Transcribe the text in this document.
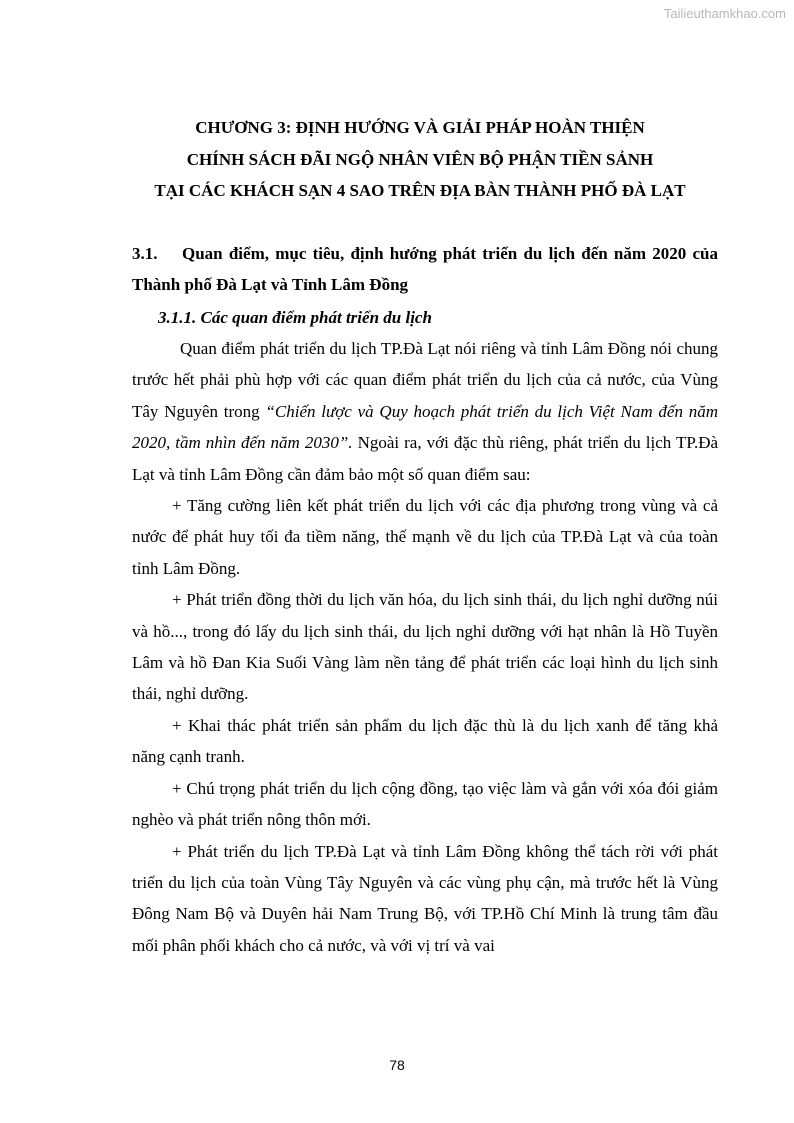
Tailieuthamkhao.com
CHƯƠNG 3: ĐỊNH HƯỚNG VÀ GIẢI PHÁP HOÀN THIỆN
CHÍNH SÁCH ĐÃI NGỘ NHÂN VIÊN BỘ PHẬN TIỀN SẢNH
TẠI CÁC KHÁCH SẠN 4 SAO TRÊN ĐỊA BÀN THÀNH PHỐ ĐÀ LẠT
3.1. Quan điểm, mục tiêu, định hướng phát triển du lịch đến năm 2020 của Thành phố Đà Lạt và Tỉnh Lâm Đồng
3.1.1. Các quan điểm phát triển du lịch

Quan điểm phát triển du lịch TP.Đà Lạt nói riêng và tỉnh Lâm Đồng nói chung trước hết phải phù hợp với các quan điểm phát triển du lịch của cả nước, của Vùng Tây Nguyên trong “Chiến lược và Quy hoạch phát triển du lịch Việt Nam đến năm 2020, tầm nhìn đến năm 2030”. Ngoài ra, với đặc thù riêng, phát triển du lịch TP.Đà Lạt và tỉnh Lâm Đồng cần đảm bảo một số quan điểm sau:

+ Tăng cường liên kết phát triển du lịch với các địa phương trong vùng và cả nước để phát huy tối đa tiềm năng, thế mạnh về du lịch của TP.Đà Lạt và của toàn tỉnh Lâm Đồng.

+ Phát triển đồng thời du lịch văn hóa, du lịch sinh thái, du lịch nghỉ dưỡng núi và hồ..., trong đó lấy du lịch sinh thái, du lịch nghỉ dưỡng với hạt nhân là Hồ Tuyền Lâm và hồ Đan Kia Suối Vàng làm nền tảng để phát triển các loại hình du lịch sinh thái, nghỉ dưỡng.

+ Khai thác phát triển sản phẩm du lịch đặc thù là du lịch xanh để tăng khả năng cạnh tranh.

+ Chú trọng phát triển du lịch cộng đồng, tạo việc làm và gắn với xóa đói giảm nghèo và phát triển nông thôn mới.

+ Phát triển du lịch TP.Đà Lạt và tỉnh Lâm Đồng không thể tách rời với phát triển du lịch của toàn Vùng Tây Nguyên và các vùng phụ cận, mà trước hết là Vùng Đông Nam Bộ và Duyên hải Nam Trung Bộ, với TP.Hồ Chí Minh là trung tâm đầu mối phân phối khách cho cả nước, và với vị trí và vai

78
